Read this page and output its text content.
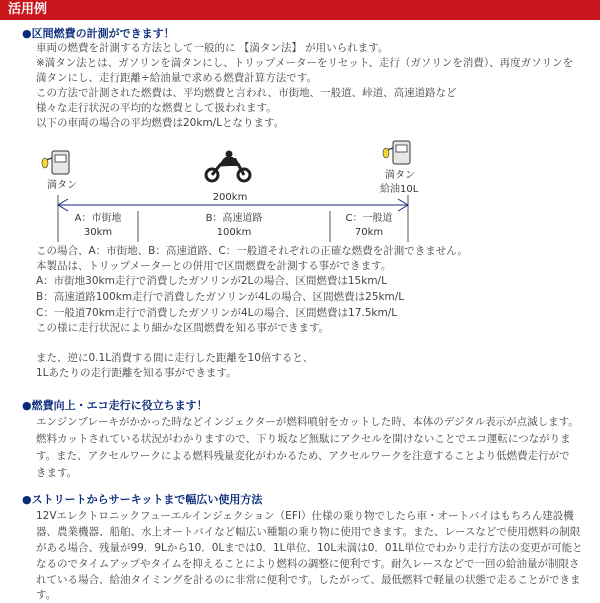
活用例
●区間燃費の計測ができます！
車両の燃費を計測する方法として一般的に 【満タン法】 が用いられます。
※満タン法とは、ガソリンを満タンにし、トリップメーターをリセット、走行（ガソリンを消費）、再度ガソリンを
満タンにし、走行距離÷給油量で求める燃費計算方法です。
この方法で計測された燃費は、平均燃費と言われ、市街地、一般道、峠道、高速道路など
様々な走行状況の平均的な燃費として扱われます。
以下の車両の場合の平均燃費は20km/Lとなります。
満タン
満タン
給油10L
200km
A：市街地
30km
B：高速道路
100km
C：一般道
70km
この場合、A：市街地、B：高速道路、C：一般道それぞれの正確な燃費を計測できません。
本製品は、トリップメーターとの併用で区間燃費を計測する事ができます。
A：市街地30km走行で消費したガソリンが2Lの場合、区間燃費は15km/L
B：高速道路100km走行で消費したガソリンが4Lの場合、区間燃費は25km/L
C：一般道70km走行で消費したガソリンが4Lの場合、区間燃費は17.5km/L
この様に走行状況により細かな区間燃費を知る事ができます。
また、逆に0.1L消費する間に走行した距離を10倍すると、
1Lあたりの走行距離を知る事ができます。
●燃費向上・エコ走行に役立ちます！
エンジンブレーキがかかった時などインジェクターが燃料噴射をカットした時、本体のデジタル表示が点滅します。
燃料カットされている状況がわかりますので、下り坂など無駄にアクセルを開けないことでエコ運転につながりま
す。また、アクセルワークによる燃料残量変化がわかるため、アクセルワークを注意することより低燃費走行がで
きます。
●ストリートからサーキットまで幅広い使用方法
12Vエレクトロニックフューエルインジェクション（EFI）仕様の乗り物でしたら車・オートバイはもちろん建設機
器、農業機器、船舶、水上オートバイなど幅広い種類の乗り物に使用できます。また、レースなどで使用燃料の制限
がある場合、残量が99．9Lから10．0Lまでは0．1L単位、10L未満は0．01L単位でわかり走行方法の変更が可能と
なるのでタイムアップやタイムを抑えることにより燃料の調整に便利です。耐久レースなどで一回の給油量が制限さ
れている場合、給油タイミングを計るのに非常に便利です。したがって、最低燃料で軽量の状態で走ることができま
す。
